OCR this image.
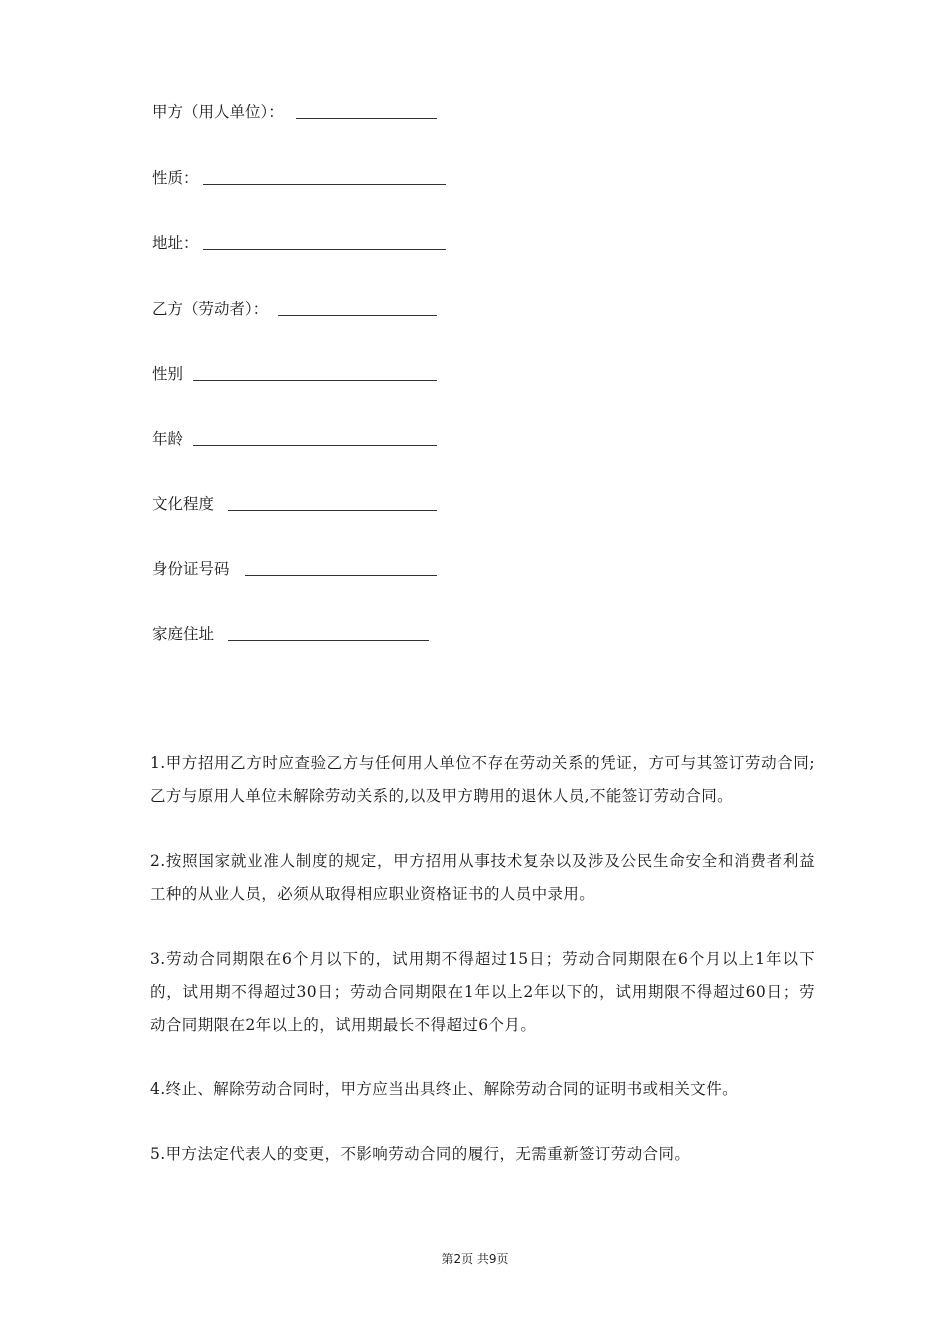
甲方（用人单位）：
性质：
地址：
乙方（劳动者）：
性别
年龄
文化程度
身份证号码
家庭住址

1.甲方招用乙方时应查验乙方与任何用人单位不存在劳动关系的凭证，方可与其签订劳动合同;乙方与原用人单位未解除劳动关系的,以及甲方聘用的退休人员,不能签订劳动合同。

2.按照国家就业准人制度的规定，甲方招用从事技术复杂以及涉及公民生命安全和消费者利益工种的从业人员，必须从取得相应职业资格证书的人员中录用。

3.劳动合同期限在6个月以下的，试用期不得超过15日；劳动合同期限在6个月以上1年以下的，试用期不得超过30日；劳动合同期限在1年以上2年以下的，试用期限不得超过60日；劳动合同期限在2年以上的，试用期最长不得超过6个月。

4.终止、解除劳动合同时，甲方应当出具终止、解除劳动合同的证明书或相关文件。

5.甲方法定代表人的变更，不影响劳动合同的履行，无需重新签订劳动合同。

第2页 共9页
